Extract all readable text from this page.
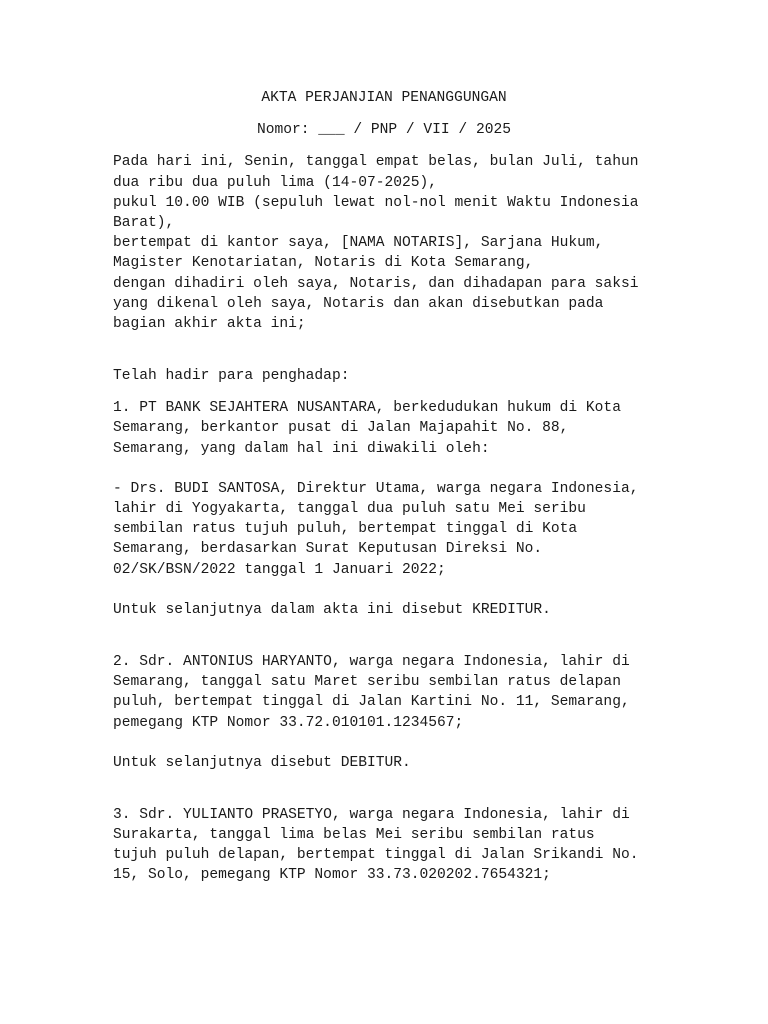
AKTA PERJANJIAN PENANGGUNGAN
Nomor: ___ / PNP / VII / 2025
Pada hari ini, Senin, tanggal empat belas, bulan Juli, tahun
dua ribu dua puluh lima (14-07-2025),
pukul 10.00 WIB (sepuluh lewat nol-nol menit Waktu Indonesia
Barat),
bertempat di kantor saya, [NAMA NOTARIS], Sarjana Hukum,
Magister Kenotariatan, Notaris di Kota Semarang,
dengan dihadiri oleh saya, Notaris, dan dihadapan para saksi
yang dikenal oleh saya, Notaris dan akan disebutkan pada
bagian akhir akta ini;
Telah hadir para penghadap:
1. PT BANK SEJAHTERA NUSANTARA, berkedudukan hukum di Kota
Semarang, berkantor pusat di Jalan Majapahit No. 88,
Semarang, yang dalam hal ini diwakili oleh:
- Drs. BUDI SANTOSA, Direktur Utama, warga negara Indonesia,
lahir di Yogyakarta, tanggal dua puluh satu Mei seribu
sembilan ratus tujuh puluh, bertempat tinggal di Kota
Semarang, berdasarkan Surat Keputusan Direksi No.
02/SK/BSN/2022 tanggal 1 Januari 2022;
Untuk selanjutnya dalam akta ini disebut KREDITUR.
2. Sdr. ANTONIUS HARYANTO, warga negara Indonesia, lahir di
Semarang, tanggal satu Maret seribu sembilan ratus delapan
puluh, bertempat tinggal di Jalan Kartini No. 11, Semarang,
pemegang KTP Nomor 33.72.010101.1234567;
Untuk selanjutnya disebut DEBITUR.
3. Sdr. YULIANTO PRASETYO, warga negara Indonesia, lahir di
Surakarta, tanggal lima belas Mei seribu sembilan ratus
tujuh puluh delapan, bertempat tinggal di Jalan Srikandi No.
15, Solo, pemegang KTP Nomor 33.73.020202.7654321;
